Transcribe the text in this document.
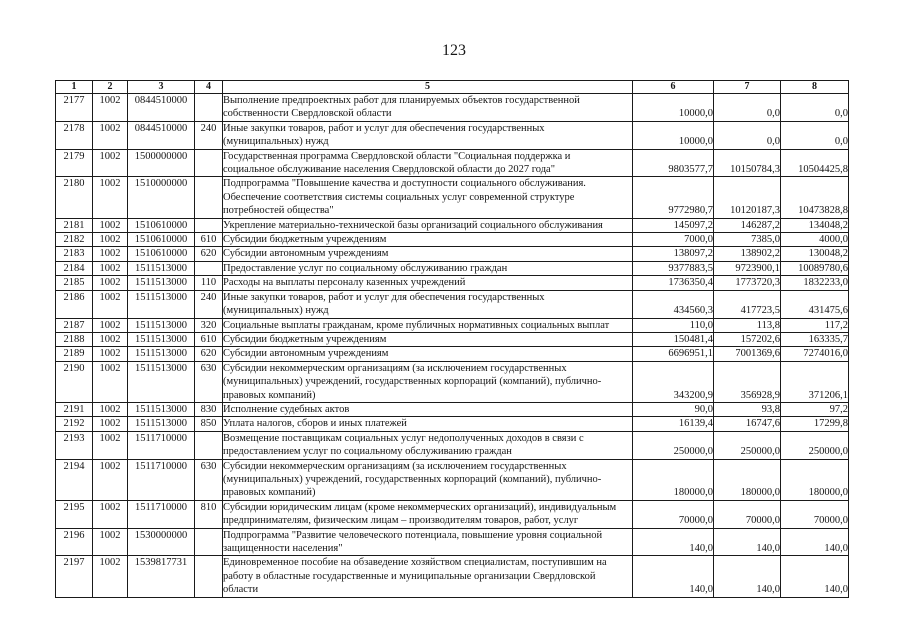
123
1	2	3	4	5	6	7	8
2177	1002	0844510000		Выполнение предпроектных работ для планируемых объектов государственной
собственности Свердловской области	10000,0	0,0	0,0
2178	1002	0844510000	240	Иные закупки товаров, работ и услуг для обеспечения государственных
(муниципальных) нужд	10000,0	0,0	0,0
2179	1002	1500000000		Государственная программа Свердловской области "Социальная поддержка и
социальное обслуживание населения Свердловской области до 2027 года"	9803577,7	10150784,3	10504425,8
2180	1002	1510000000		Подпрограмма "Повышение качества и доступности социального обслуживания.
Обеспечение соответствия системы социальных услуг современной структуре
потребностей общества"	9772980,7	10120187,3	10473828,8
2181	1002	1510610000		Укрепление материально-технической базы организаций социального обслуживания	145097,2	146287,2	134048,2
2182	1002	1510610000	610	Субсидии бюджетным учреждениям	7000,0	7385,0	4000,0
2183	1002	1510610000	620	Субсидии автономным учреждениям	138097,2	138902,2	130048,2
2184	1002	1511513000		Предоставление услуг по социальному обслуживанию граждан	9377883,5	9723900,1	10089780,6
2185	1002	1511513000	110	Расходы на выплаты персоналу казенных учреждений	1736350,4	1773720,3	1832233,0
2186	1002	1511513000	240	Иные закупки товаров, работ и услуг для обеспечения государственных
(муниципальных) нужд	434560,3	417723,5	431475,6
2187	1002	1511513000	320	Социальные выплаты гражданам, кроме публичных нормативных социальных выплат	110,0	113,8	117,2
2188	1002	1511513000	610	Субсидии бюджетным учреждениям	150481,4	157202,6	163335,7
2189	1002	1511513000	620	Субсидии автономным учреждениям	6696951,1	7001369,6	7274016,0
2190	1002	1511513000	630	Субсидии некоммерческим организациям (за исключением государственных
(муниципальных) учреждений, государственных корпораций (компаний), публично-
правовых компаний)	343200,9	356928,9	371206,1
2191	1002	1511513000	830	Исполнение судебных актов	90,0	93,8	97,2
2192	1002	1511513000	850	Уплата налогов, сборов и иных платежей	16139,4	16747,6	17299,8
2193	1002	1511710000		Возмещение поставщикам социальных услуг недополученных доходов в связи с
предоставлением услуг по социальному обслуживанию граждан	250000,0	250000,0	250000,0
2194	1002	1511710000	630	Субсидии некоммерческим организациям (за исключением государственных
(муниципальных) учреждений, государственных корпораций (компаний), публично-
правовых компаний)	180000,0	180000,0	180000,0
2195	1002	1511710000	810	Субсидии юридическим лицам (кроме некоммерческих организаций), индивидуальным
предпринимателям, физическим лицам – производителям товаров, работ, услуг	70000,0	70000,0	70000,0
2196	1002	1530000000		Подпрограмма "Развитие человеческого потенциала, повышение уровня социальной
защищенности населения"	140,0	140,0	140,0
2197	1002	1539817731		Единовременное пособие на обзаведение хозяйством специалистам, поступившим на
работу в областные государственные и муниципальные организации Свердловской
области	140,0	140,0	140,0
